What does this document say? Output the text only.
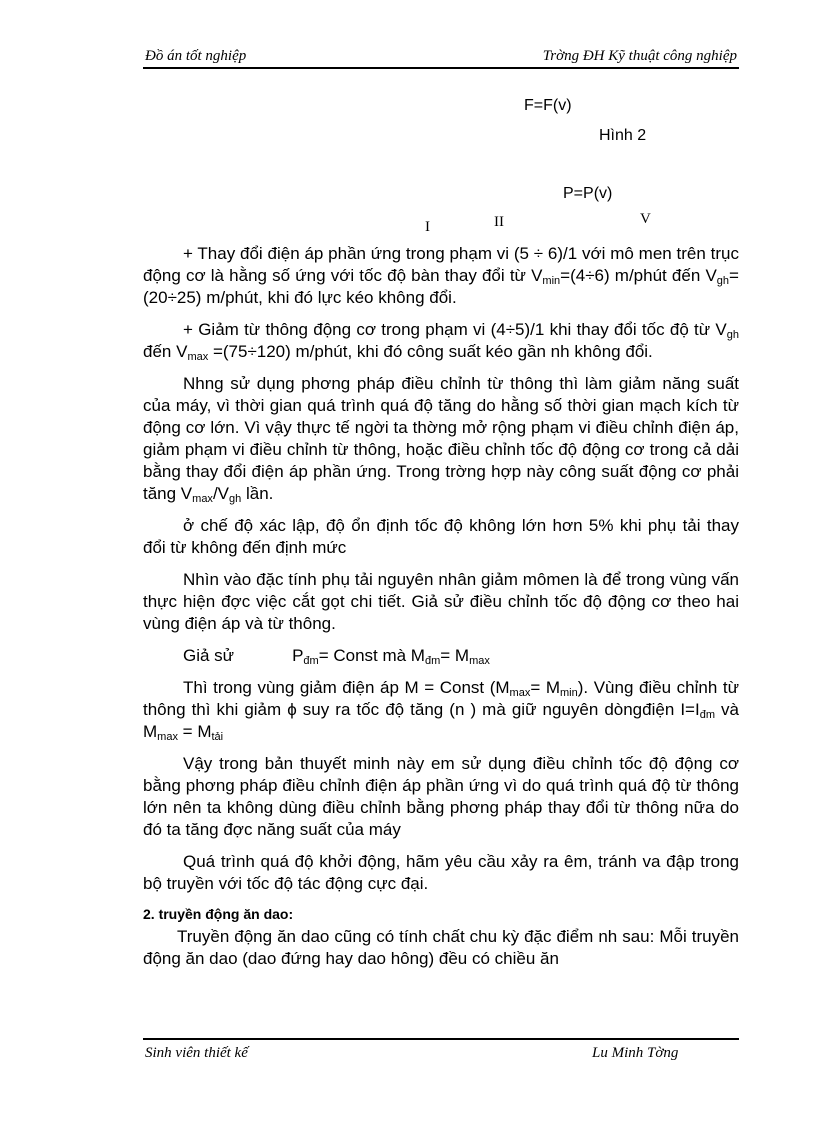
Đồ án tốt nghiệp	Trờng ĐH Kỹ thuật công nghiệp
F=F(v)
Hình 2
P=P(v)
I	II	V

+ Thay đổi điện áp phần ứng trong phạm vi (5 ÷ 6)/1 với mô men trên trục động cơ là hằng số ứng với tốc độ bàn thay đổi từ $V_{min}=(4\div 6)$ m/phút đến $V_{gh}= (20\div 25)$ m/phút, khi đó lực kéo không đổi.

+ Giảm từ thông động cơ trong phạm vi (4÷5)/1 khi thay đổi tốc độ từ $V_{gh}$ đến $V_{max} =(75\div 120)$ m/phút, khi đó công suất kéo gần nh không đổi.

Nhng sử dụng phơng pháp điều chỉnh từ thông thì làm giảm năng suất của máy, vì thời gian quá trình quá độ tăng do hằng số thời gian mạch kích từ động cơ lớn. Vì vậy thực tế ngời ta thờng mở rộng phạm vi điều chỉnh điện áp, giảm phạm vi điều chỉnh từ thông, hoặc điều chỉnh tốc độ động cơ trong cả dải bằng thay đổi điện áp phần ứng. Trong trờng hợp này công suất động cơ phải tăng $V_{max}/V_{gh}$ lần.

ở chế độ xác lập, độ ổn định tốc độ không lớn hơn 5% khi phụ tải thay đổi từ không đến định mức

Nhìn vào đặc tính phụ tải nguyên nhân giảm mômen là để trong vùng vấn thực hiện đợc việc cắt gọt chi tiết. Giả sử điều chỉnh tốc độ động cơ theo hai vùng điện áp và từ thông.

Giả sử	$P_{đm}=$ Const mà $M_{đm}= M_{max}$

Thì trong vùng giảm điện áp M = Const $(M_{max}= M_{min})$. Vùng điều chỉnh từ thông thì khi giảm ϕ suy ra tốc độ tăng (n ) mà giữ nguyên dòngđiện $I=I_{đm}$ và $M_{max} = M_{tải}$

Vậy trong bản thuyết minh này em sử dụng điều chỉnh tốc độ động cơ bằng phơng pháp điều chỉnh điện áp phần ứng vì do quá trình quá độ từ thông lớn nên ta không dùng điều chỉnh bằng phơng pháp thay đổi từ thông nữa do đó ta tăng đợc năng suất của máy

Quá trình quá độ khởi động, hãm yêu cầu xảy ra êm, tránh va đập trong bộ truyền với tốc độ tác động cực đại.

2. truyền động ăn dao:

Truyền động ăn dao cũng có tính chất chu kỳ đặc điểm nh sau: Mỗi truyền động ăn dao (dao đứng hay dao hông) đều có chiều ăn

Sinh viên thiết kế	Lu Minh Tờng
